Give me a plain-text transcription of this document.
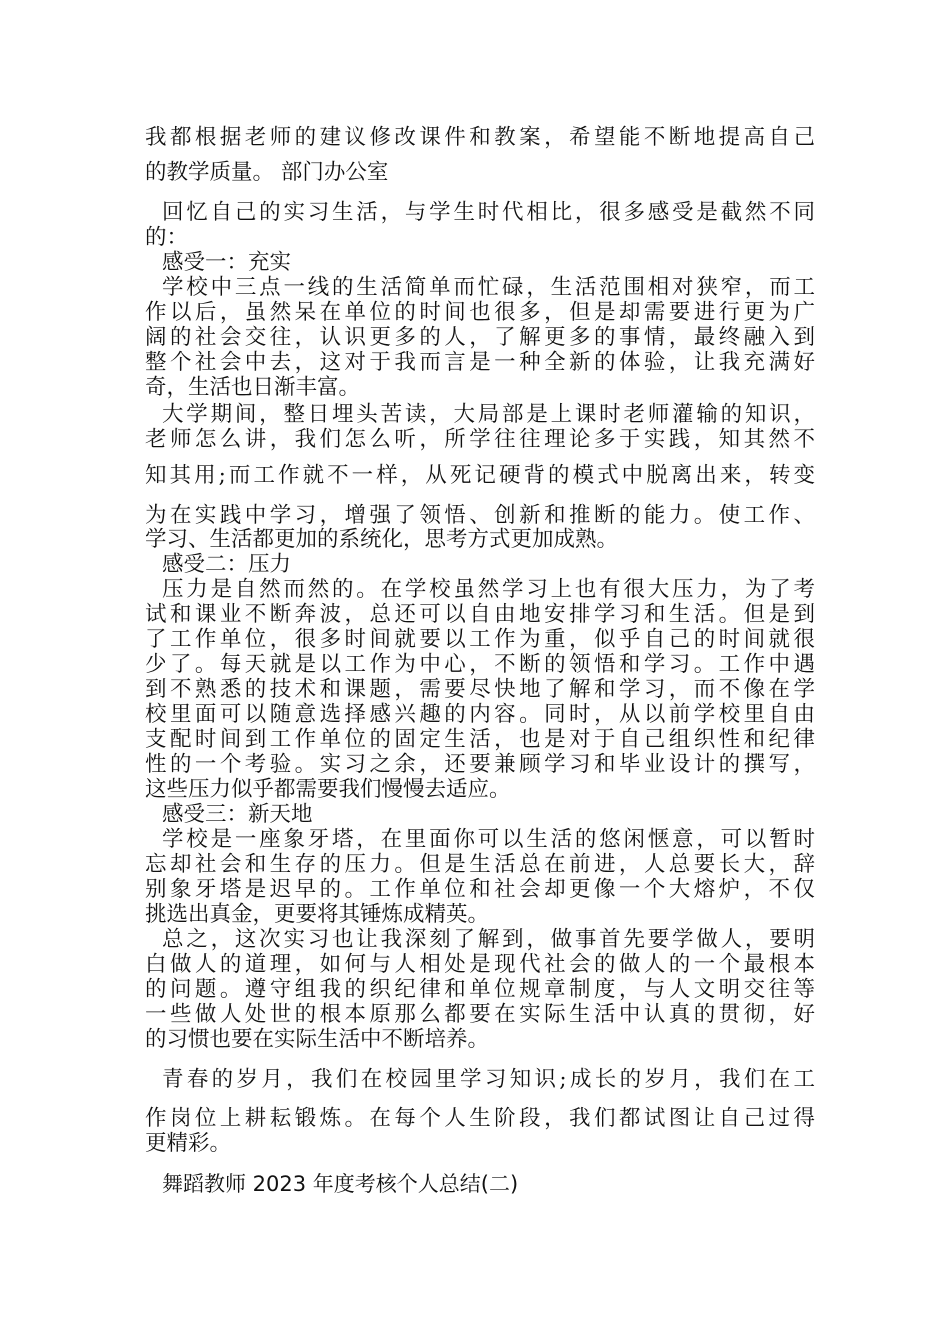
我都根据老师的建议修改课件和教案，希望能不断地提高自己

的教学质量。 部门办公室

回忆自己的实习生活，与学生时代相比，很多感受是截然不同

的：

感受一：充实

学校中三点一线的生活简单而忙碌，生活范围相对狭窄，而工

作以后，虽然呆在单位的时间也很多，但是却需要进行更为广

阔的社会交往，认识更多的人，了解更多的事情，最终融入到

整个社会中去，这对于我而言是一种全新的体验，让我充满好

奇，生活也日渐丰富。

大学期间，整日埋头苦读，大局部是上课时老师灌输的知识，

老师怎么讲，我们怎么听，所学往往理论多于实践，知其然不

知其用;而工作就不一样，从死记硬背的模式中脱离出来，转变

为在实践中学习，增强了领悟、创新和推断的能力。使工作、

学习、生活都更加的系统化，思考方式更加成熟。

感受二：压力

压力是自然而然的。在学校虽然学习上也有很大压力，为了考

试和课业不断奔波，总还可以自由地安排学习和生活。但是到

了工作单位，很多时间就要以工作为重，似乎自己的时间就很

少了。每天就是以工作为中心，不断的领悟和学习。工作中遇

到不熟悉的技术和课题，需要尽快地了解和学习，而不像在学

校里面可以随意选择感兴趣的内容。同时，从以前学校里自由

支配时间到工作单位的固定生活，也是对于自己组织性和纪律

性的一个考验。实习之余，还要兼顾学习和毕业设计的撰写，

这些压力似乎都需要我们慢慢去适应。

感受三：新天地

学校是一座象牙塔，在里面你可以生活的悠闲惬意，可以暂时

忘却社会和生存的压力。但是生活总在前进，人总要长大，辞

别象牙塔是迟早的。工作单位和社会却更像一个大熔炉，不仅

挑选出真金，更要将其锤炼成精英。

总之，这次实习也让我深刻了解到，做事首先要学做人，要明

白做人的道理，如何与人相处是现代社会的做人的一个最根本

的问题。遵守组我的织纪律和单位规章制度，与人文明交往等

一些做人处世的根本原那么都要在实际生活中认真的贯彻，好

的习惯也要在实际生活中不断培养。

青春的岁月，我们在校园里学习知识;成长的岁月，我们在工

作岗位上耕耘锻炼。在每个人生阶段，我们都试图让自己过得

更精彩。

舞蹈教师 2023 年度考核个人总结(二)
